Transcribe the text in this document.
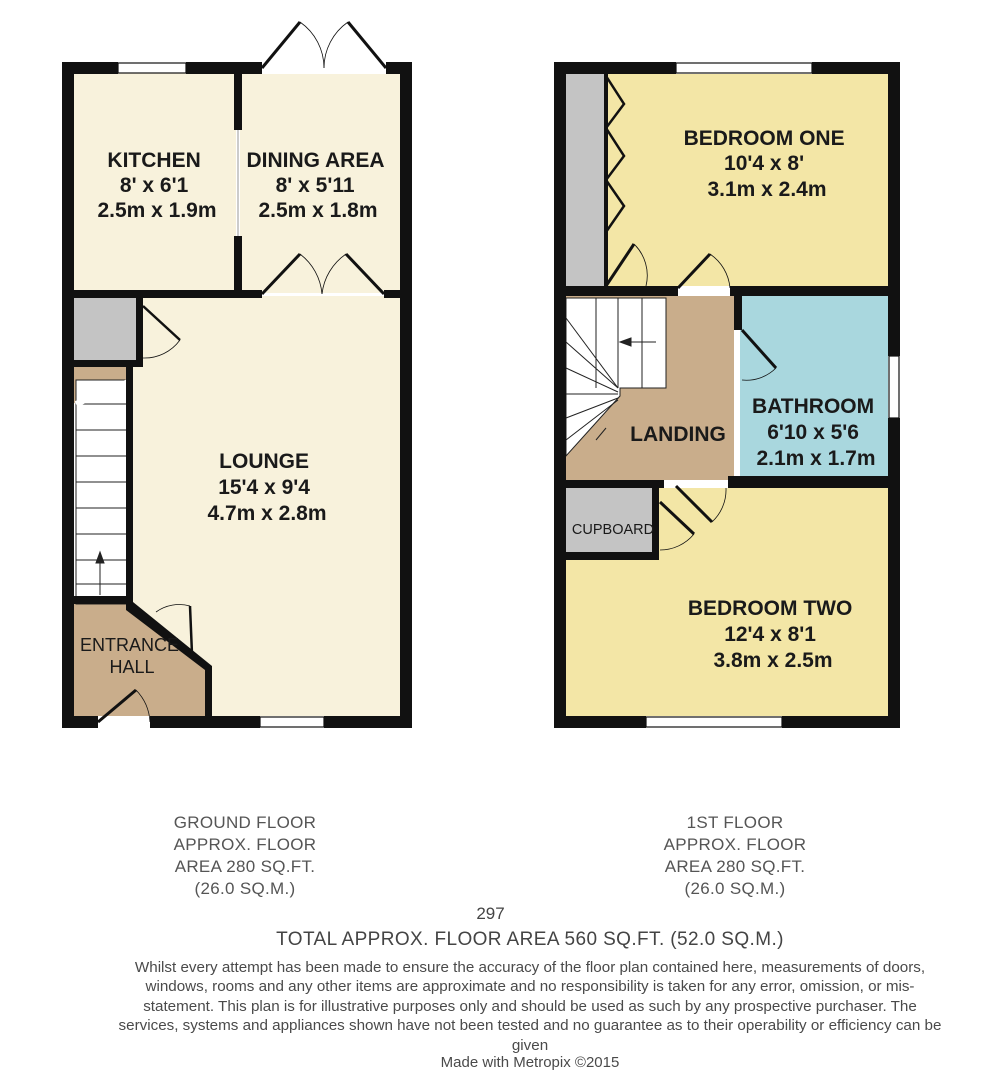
KITCHEN 8' x 6'1 2.5m x 1.9m
DINING AREA 8' x 5'11 2.5m x 1.8m
LOUNGE 15'4 x 9'4 4.7m x 2.8m
ENTRANCE HALL
BEDROOM ONE 10'4 x 8' 3.1m x 2.4m
BATHROOM 6'10 x 5'6 2.1m x 1.7m
LANDING
CUPBOARD
BEDROOM TWO 12'4 x 8'1 3.8m x 2.5m
GROUND FLOOR
APPROX. FLOOR
AREA 280 SQ.FT.
(26.0 SQ.M.)
1ST FLOOR
APPROX. FLOOR
AREA 280 SQ.FT.
(26.0 SQ.M.)
297
TOTAL APPROX. FLOOR AREA 560 SQ.FT. (52.0 SQ.M.)
Whilst every attempt has been made to ensure the accuracy of the floor plan contained here, measurements of doors, windows, rooms and any other items are approximate and no responsibility is taken for any error, omission, or mis-statement. This plan is for illustrative purposes only and should be used as such by any prospective purchaser. The services, systems and appliances shown have not been tested and no guarantee as to their operability or efficiency can be given
Made with Metropix ©2015
